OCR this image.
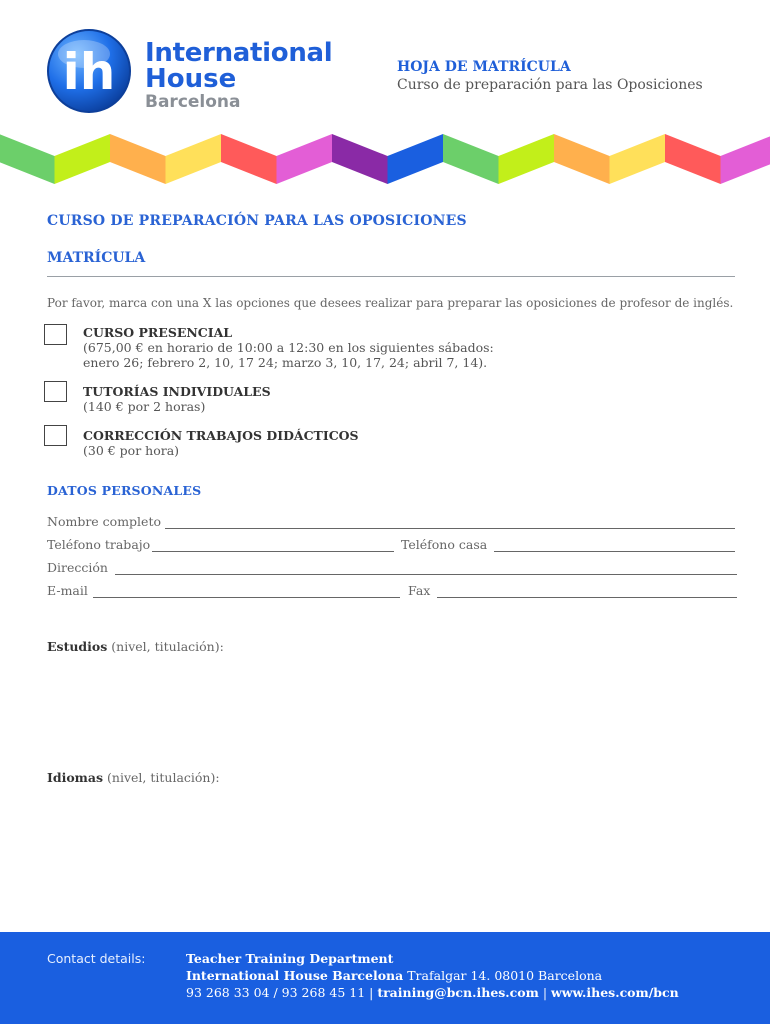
ih International
House
Barcelona
HOJA DE MATRÍCULA
Curso de preparación para las Oposiciones
CURSO DE PREPARACIÓN PARA LAS OPOSICIONES
MATRÍCULA
Por favor, marca con una X las opciones que desees realizar para preparar las oposiciones de profesor de inglés.
CURSO PRESENCIAL
(675,00 € en horario de 10:00 a 12:30 en los siguientes sábados:
enero 26; febrero 2, 10, 17 24; marzo 3, 10, 17, 24; abril 7, 14).
TUTORÍAS INDIVIDUALES
(140 € por 2 horas)
CORRECCIÓN TRABAJOS DIDÁCTICOS
(30 € por hora)
DATOS PERSONALES
Nombre completo
Teléfono trabajo	Teléfono casa
Dirección
E-mail	Fax
Estudios (nivel, titulación):
Idiomas (nivel, titulación):
Contact details:	Teacher Training Department
International House Barcelona Trafalgar 14. 08010 Barcelona
93 268 33 04 / 93 268 45 11 | training@bcn.ihes.com | www.ihes.com/bcn
